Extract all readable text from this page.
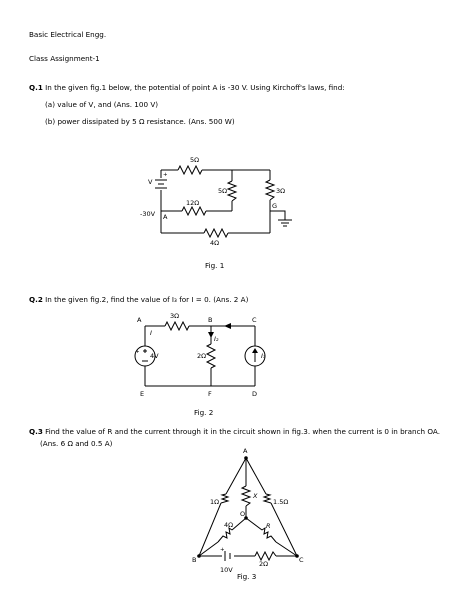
Basic Electrical Engg.
Class Assignment-1
Q.1 In the given fig.1 below, the potential of point A is -30 V. Using Kirchoff's laws, find:
(a) value of V, and (Ans. 100 V)
(b) power dissipated by 5 Ω resistance. (Ans. 500 W)
5Ω
5Ω	3Ω
12Ω
4Ω
V
+
-30V A
G
A	B	C
E	F	D
3Ω
2Ω
4V
I
I₂
I₃
+
A
O
B	C
1Ω	1.5Ω
X
4Ω	R
2Ω
10V
+
Fig. 1
Q.2 In the given fig.2, find the value of I₃ for I = 0. (Ans. 2 A)
Fig. 2
Q.3 Find the value of R and the current through it in the circuit shown in fig.3. when the current is 0 in branch OA.
(Ans. 6 Ω and 0.5 A)
Fig. 3
